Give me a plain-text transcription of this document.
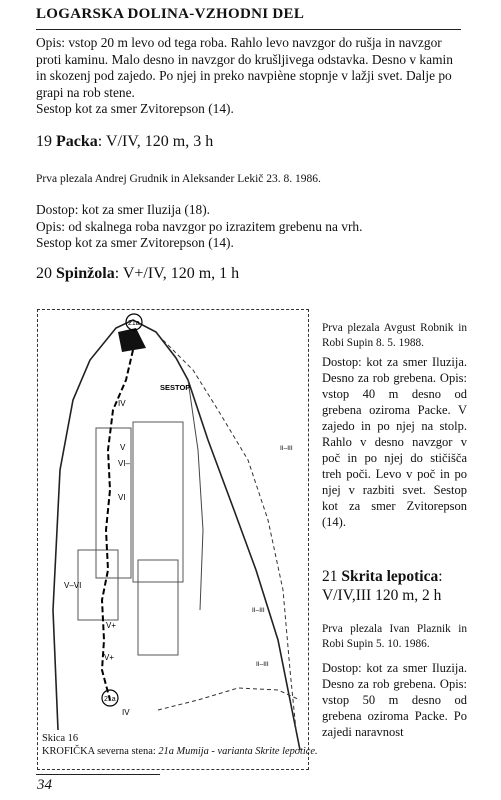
LOGARSKA DOLINA-VZHODNI DEL
Opis: vstop 20 m levo od tega roba. Rahlo levo navzgor do rušja in navzgor
proti kaminu. Malo desno in navzgor do krušljivega odstavka. Desno v kamin
in skozenj pod zajedo. Po njej in preko navpiène stopnje v lažji svet. Dalje po
grapi na rob stene.
Sestop kot za smer Zvitorepson (14).
19 Packa: V/IV, 120 m, 3 h
Prva plezala Andrej Grudnik in Aleksander Lekič 23. 8. 1986.
Dostop: kot za smer Iluzija (18).
Opis: od skalnega roba navzgor po izrazitem grebenu na vrh.
Sestop kot za smer Zvitorepson (14).
20 Spinžola: V+/IV, 120 m, 1 h
21a
SESTOP
IV
V
VI–
VI
V–VI
V+
V+
II–III
II–III
II–III
21a
IV
Prva plezala Avgust Robnik in Robi Supin 8. 5. 1988.
Dostop: kot za smer Iluzija. Desno za rob grebena. Opis: vstop 40 m desno od grebena oziroma Packe. V zajedo in po njej na stolp. Rahlo v desno navzgor v poč in po njej do stičišča treh poči. Levo v poč in po njej v razbiti svet. Sestop kot za smer Zvitorepson (14).
21 Skrita lepotica:
V/IV,III 120 m, 2 h
Prva plezala Ivan Plaznik in Robi Supin 5. 10. 1986.
Dostop: kot za smer Iluzija. Desno za rob grebena. Opis: vstop 50 m desno od grebena oziroma Packe. Po zajedi naravnost
Skica 16
KROFIČKA severna stena: 21a Mumija - varianta Skrite lepotice.
34
